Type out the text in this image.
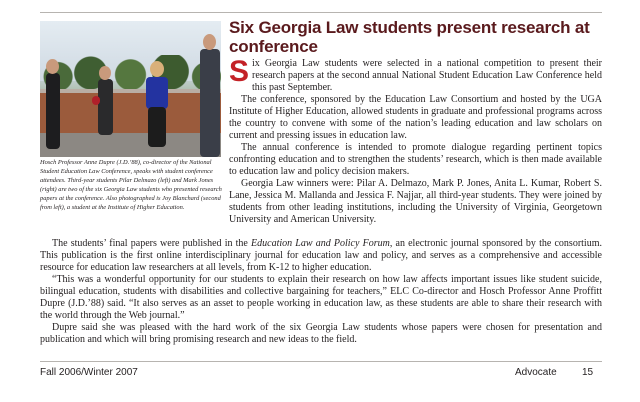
Hosch Professor Anne Dupre (J.D.’88), co-director of the National Student Education Law Conference, speaks with student conference attendees. Third-year students Pilar Delmazo (left) and Mark Jones (right) are two of the six Georgia Law students who presented research papers at the conference. Also photographed is Joy Blanchard (second from left), a student at the Institute of Higher Education.
Six Georgia Law students present research at conference

Six Georgia Law students were selected in a national competition to present their research papers at the second annual National Student Education Law Conference held this past September.

The conference, sponsored by the Education Law Consortium and hosted by the UGA Institute of Higher Education, allowed students in graduate and professional programs across the country to convene with some of the nation’s leading education and law scholars on current and pressing issues in education law.

The annual conference is intended to promote dialogue regarding pertinent topics confronting education and to strengthen the students’ research, which is then made available to education law and policy decision makers.

Georgia Law winners were: Pilar A. Delmazo, Mark P. Jones, Anita L. Kumar, Robert S. Lane, Jessica M. Mallanda and Jessica F. Najjar, all third-year students. They were joined by students from other leading institutions, including the University of Virginia, Georgetown University and American University.

The students’ final papers were published in the Education Law and Policy Forum, an electronic journal sponsored by the consortium. This publication is the first online interdisciplinary journal for education law and policy, and serves as a comprehensive and accessible resource for education law researchers at all levels, from K-12 to higher education.

“This was a wonderful opportunity for our students to explain their research on how law affects important issues like student suicide, bilingual education, students with disabilities and collective bargaining for teachers,” ELC Co-director and Hosch Professor Anne Proffitt Dupre (J.D.’88) said. “It also serves as an asset to people working in education law, as these students are able to share their research with the world through the Web journal.”

Dupre said she was pleased with the hard work of the six Georgia Law students whose papers were chosen for presentation and publication and which will bring promising research and new ideas to the field.

Fall 2006/Winter 2007	Advocate	15
